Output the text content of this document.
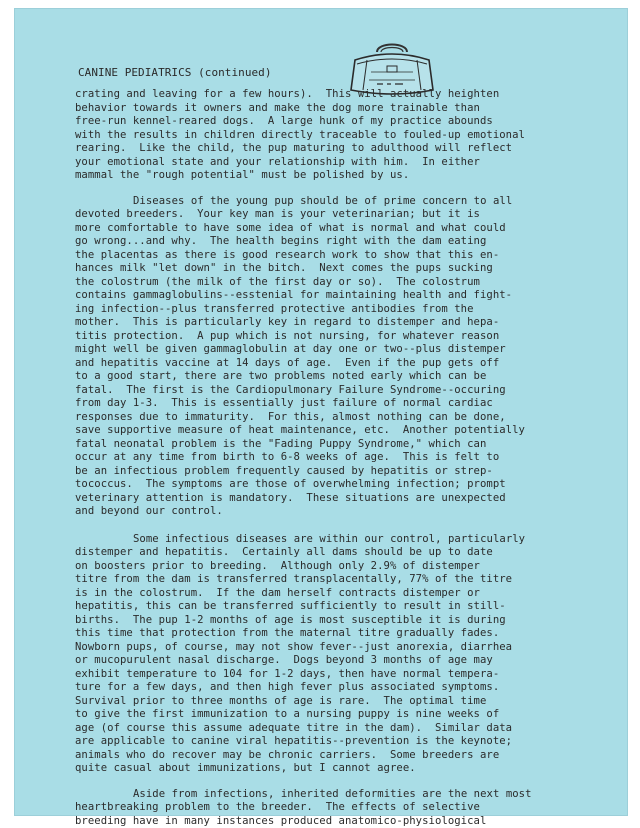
CANINE PEDIATRICS (continued)
crating and leaving for a few hours).  This will actually heighten
behavior towards it owners and make the dog more trainable than
free-run kennel-reared dogs.  A large hunk of my practice abounds
with the results in children directly traceable to fouled-up emotional
rearing.  Like the child, the pup maturing to adulthood will reflect
your emotional state and your relationship with him.  In either
mammal the "rough potential" must be polished by us.
Diseases of the young pup should be of prime concern to all
devoted breeders.  Your key man is your veterinarian; but it is
more comfortable to have some idea of what is normal and what could
go wrong...and why.  The health begins right with the dam eating
the placentas as there is good research work to show that this en-
hances milk "let down" in the bitch.  Next comes the pups sucking
the colostrum (the milk of the first day or so).  The colostrum
contains gammaglobulins--esstenial for maintaining health and fight-
ing infection--plus transferred protective antibodies from the
mother.  This is particularly key in regard to distemper and hepa-
titis protection.  A pup which is not nursing, for whatever reason
might well be given gammaglobulin at day one or two--plus distemper
and hepatitis vaccine at 14 days of age.  Even if the pup gets off
to a good start, there are two problems noted early which can be
fatal.  The first is the Cardiopulmonary Failure Syndrome--occuring
from day 1-3.  This is essentially just failure of normal cardiac
responses due to immaturity.  For this, almost nothing can be done,
save supportive measure of heat maintenance, etc.  Another potentially
fatal neonatal problem is the "Fading Puppy Syndrome," which can
occur at any time from birth to 6-8 weeks of age.  This is felt to
be an infectious problem frequently caused by hepatitis or strep-
tococcus.  The symptoms are those of overwhelming infection; prompt
veterinary attention is mandatory.  These situations are unexpected
and beyond our control.
Some infectious diseases are within our control, particularly
distemper and hepatitis.  Certainly all dams should be up to date
on boosters prior to breeding.  Although only 2.9% of distemper
titre from the dam is transferred transplacentally, 77% of the titre
is in the colostrum.  If the dam herself contracts distemper or
hepatitis, this can be transferred sufficiently to result in still-
births.  The pup 1-2 months of age is most susceptible it is during
this time that protection from the maternal titre gradually fades.
Nowborn pups, of course, may not show fever--just anorexia, diarrhea
or mucopurulent nasal discharge.  Dogs beyond 3 months of age may
exhibit temperature to 104 for 1-2 days, then have normal tempera-
ture for a few days, and then high fever plus associated symptoms.
Survival prior to three months of age is rare.  The optimal time
to give the first immunization to a nursing puppy is nine weeks of
age (of course this assume adequate titre in the dam).  Similar data
are applicable to canine viral hepatitis--prevention is the keynote;
animals who do recover may be chronic carriers.  Some breeders are
quite casual about immunizations, but I cannot agree.
Aside from infections, inherited deformities are the next most
heartbreaking problem to the breeder.  The effects of selective
breeding have in many instances produced anatomico-physiological
